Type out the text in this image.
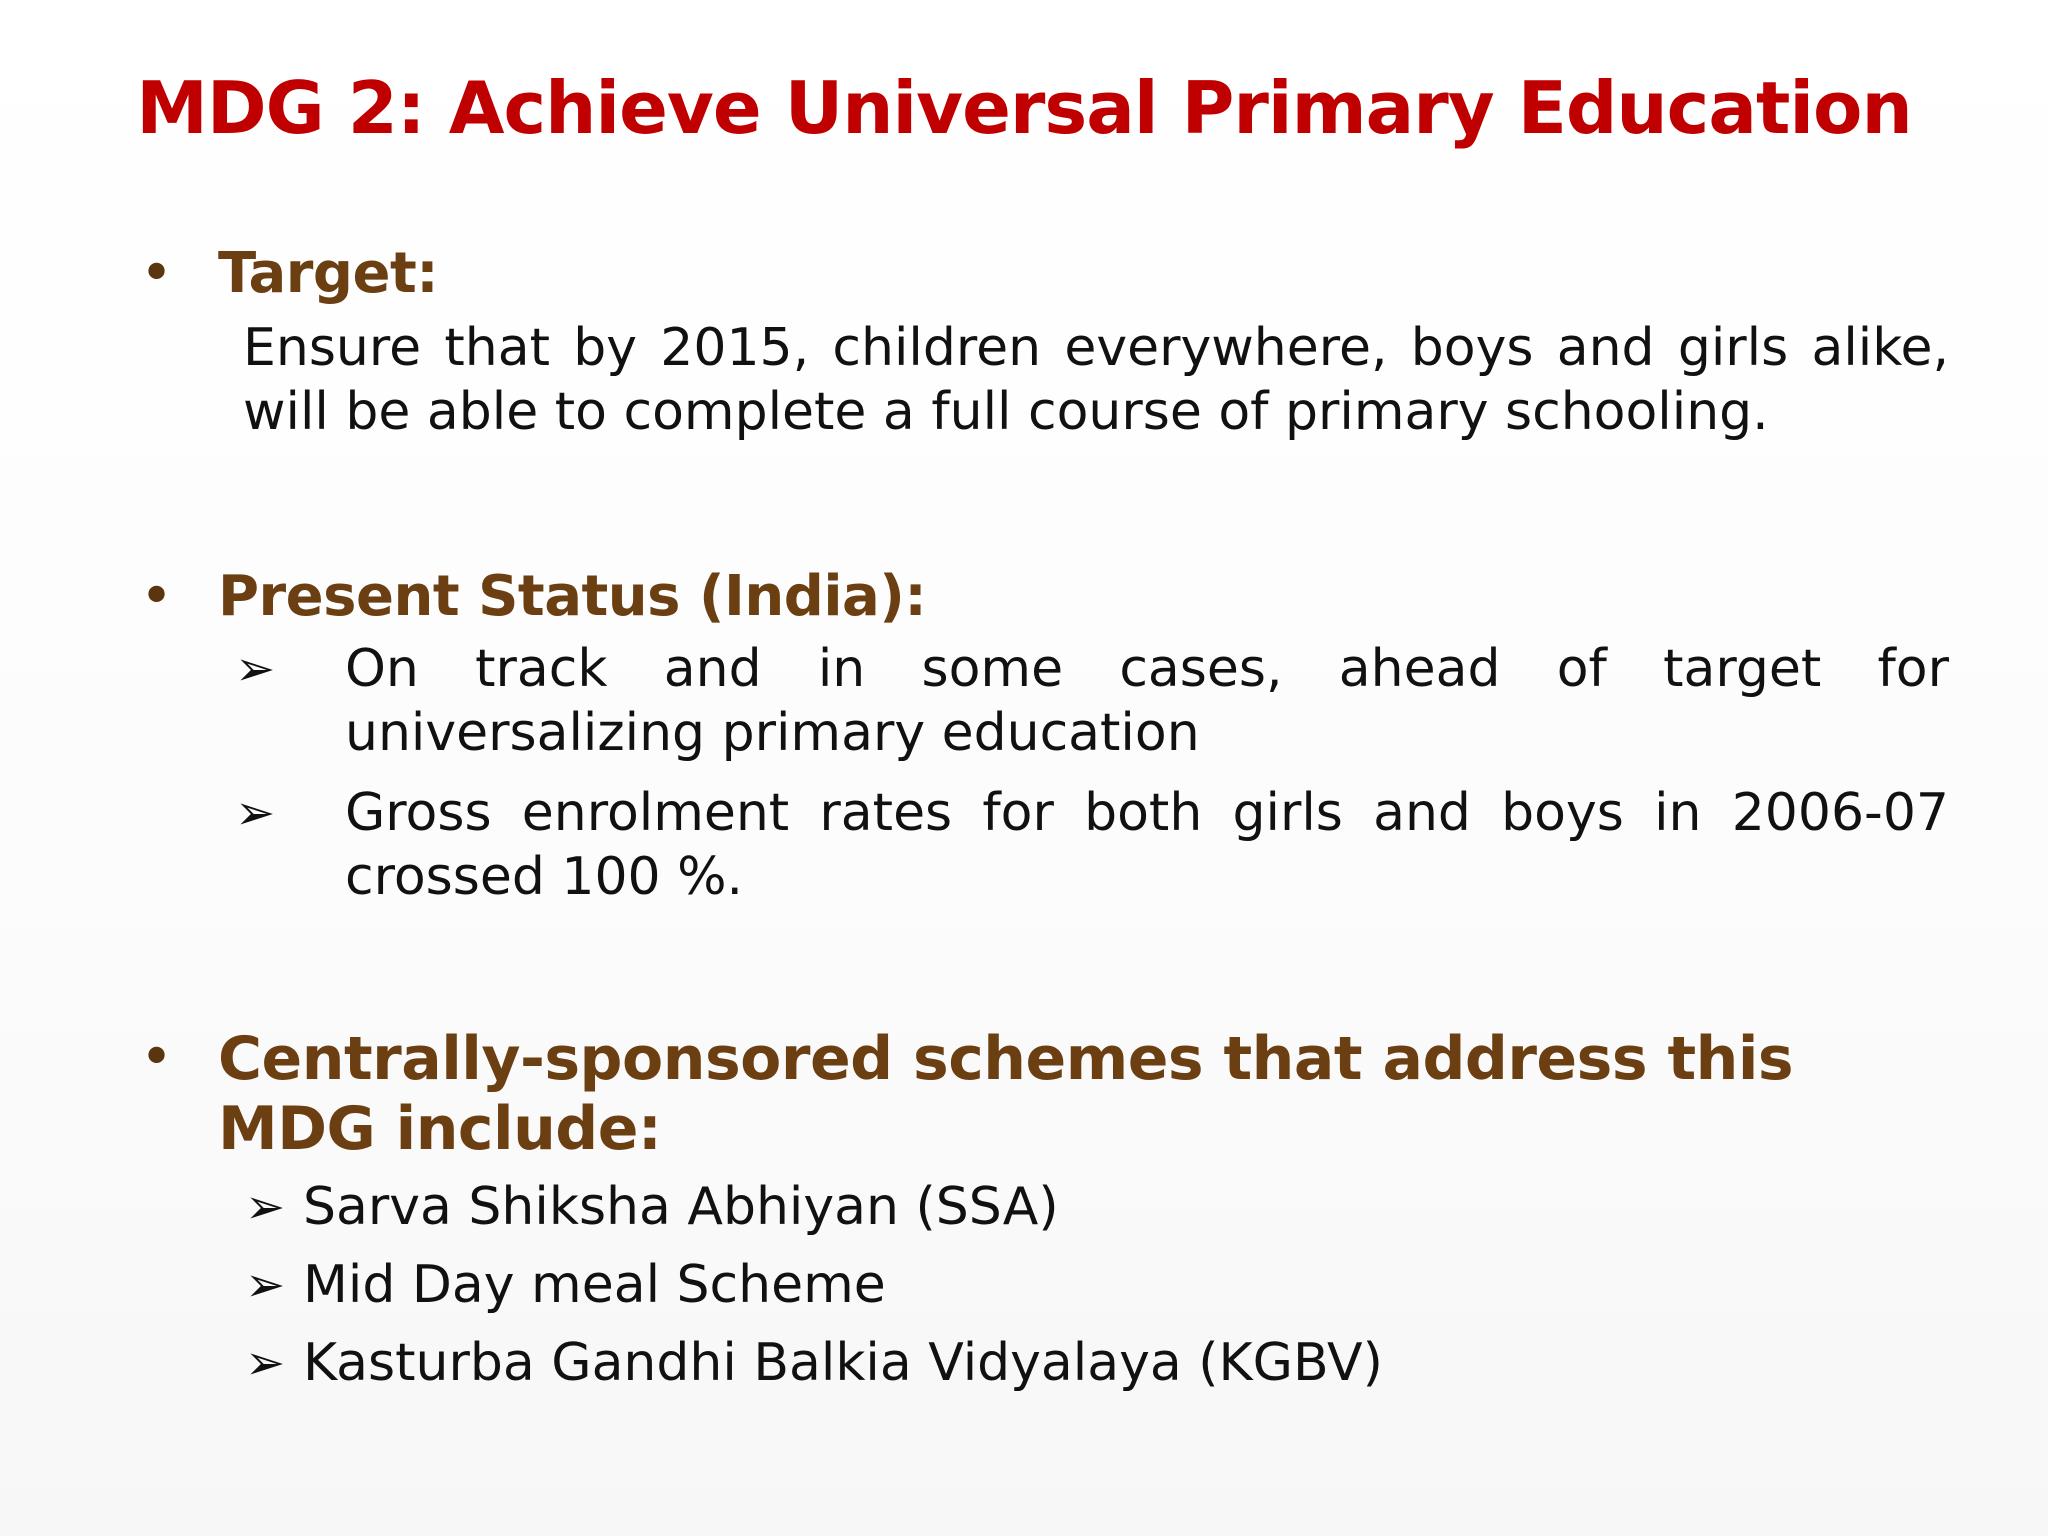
MDG 2: Achieve Universal Primary Education
• Target:
Ensure that by 2015, children everywhere, boys and girls alike, will be able to complete a full course of primary schooling.
• Present Status (India):
➢ On track and in some cases, ahead of target for universalizing primary education
➢ Gross enrolment rates for both girls and boys in 2006-07 crossed 100 %.
• Centrally-sponsored schemes that address this MDG include:
➢ Sarva Shiksha Abhiyan (SSA)
➢ Mid Day meal Scheme
➢ Kasturba Gandhi Balkia Vidyalaya (KGBV)
